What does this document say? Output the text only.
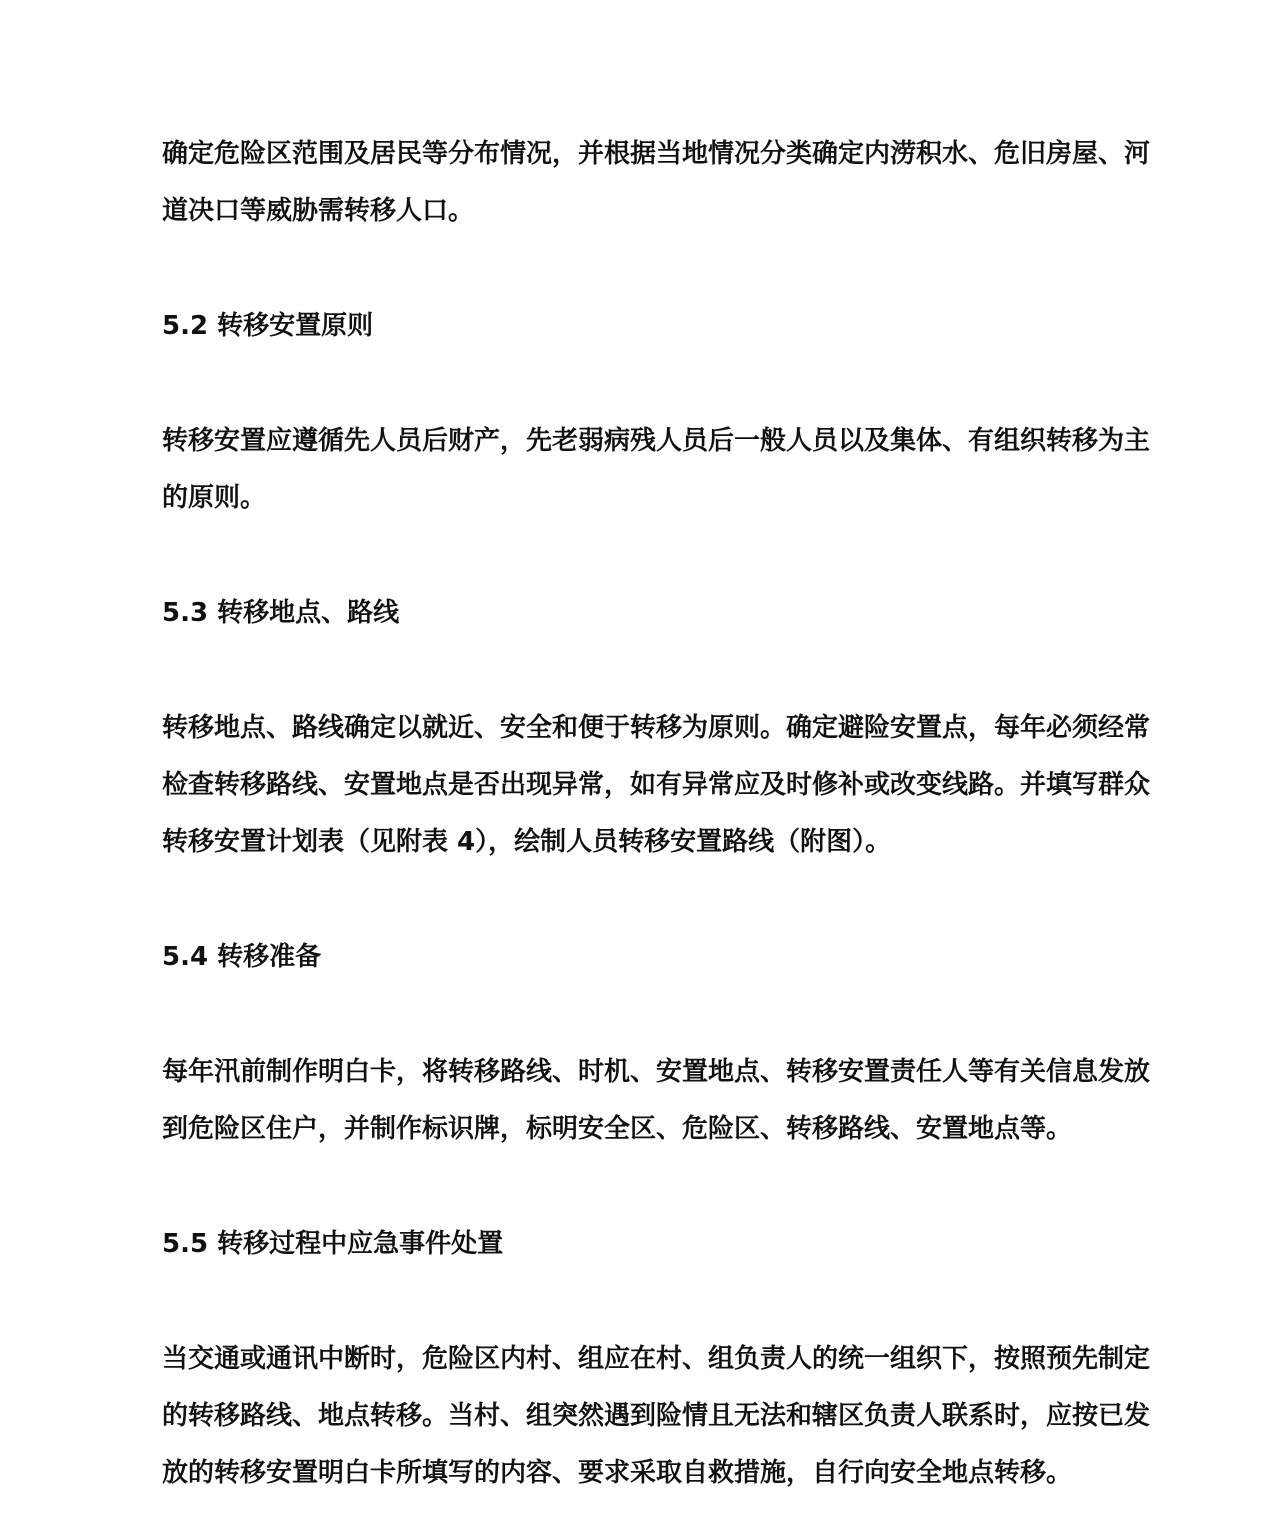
确定危险区范围及居民等分布情况，并根据当地情况分类确定内涝积水、危旧房屋、河道决口等威胁需转移人口。

5.2 转移安置原则

转移安置应遵循先人员后财产，先老弱病残人员后一般人员以及集体、有组织转移为主的原则。

5.3 转移地点、路线

转移地点、路线确定以就近、安全和便于转移为原则。确定避险安置点，每年必须经常检查转移路线、安置地点是否出现异常，如有异常应及时修补或改变线路。并填写群众转移安置计划表（见附表 4），绘制人员转移安置路线（附图）。

5.4 转移准备

每年汛前制作明白卡，将转移路线、时机、安置地点、转移安置责任人等有关信息发放到危险区住户，并制作标识牌，标明安全区、危险区、转移路线、安置地点等。

5.5 转移过程中应急事件处置

当交通或通讯中断时，危险区内村、组应在村、组负责人的统一组织下，按照预先制定的转移路线、地点转移。当村、组突然遇到险情且无法和辖区负责人联系时，应按已发放的转移安置明白卡所填写的内容、要求采取自救措施，自行向安全地点转移。
